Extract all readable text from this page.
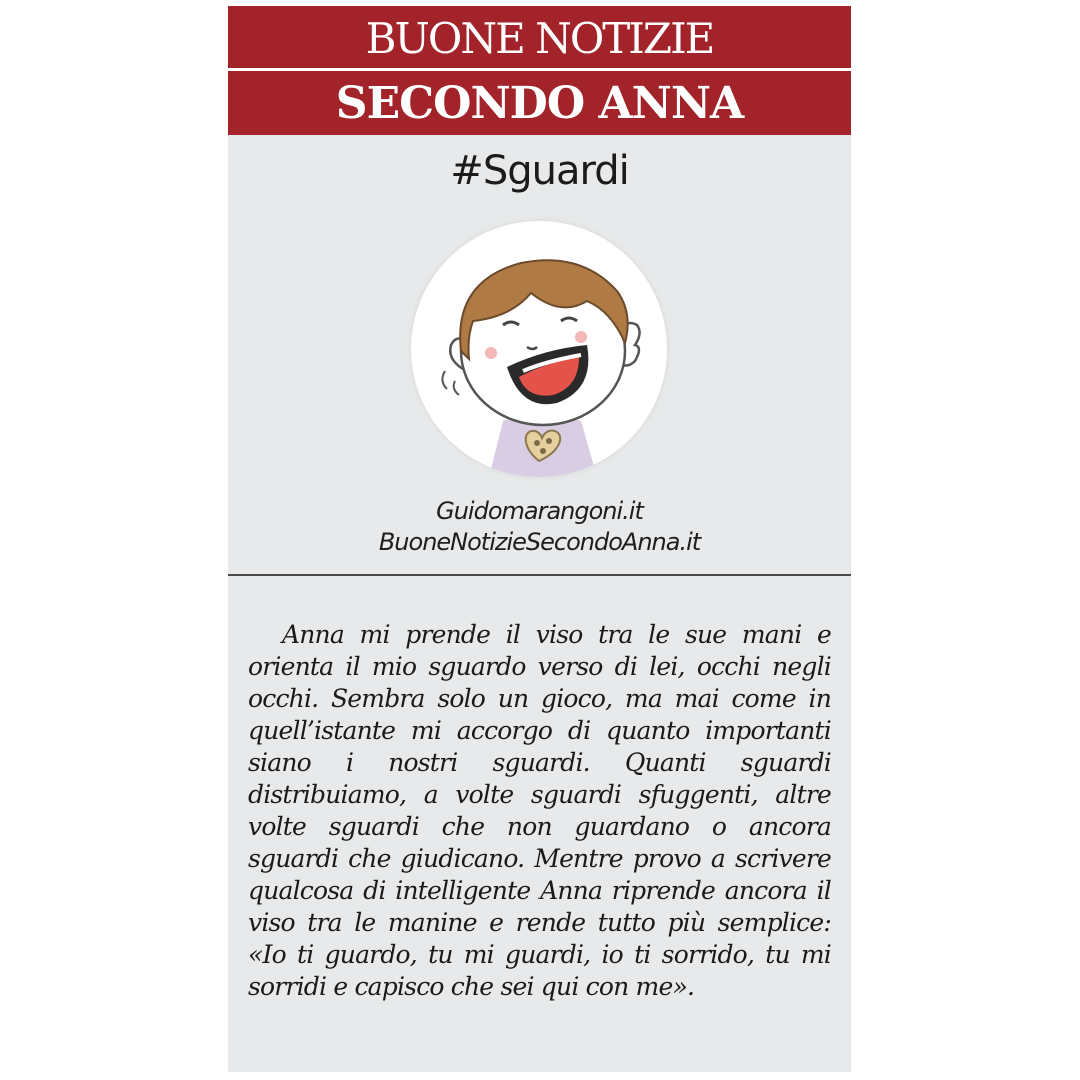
BUONE NOTIZIE
SECONDO ANNA
#Sguardi
Guidomarangoni.it
BuoneNotizieSecondoAnna.it

Anna mi prende il viso tra le sue mani e orienta il mio sguardo verso di lei, occhi negli occhi. Sembra solo un gioco, ma mai come in quell’istante mi accorgo di quanto importanti siano i nostri sguardi. Quanti sguardi distribuiamo, a volte sguardi sfuggenti, altre volte sguardi che non guardano o ancora sguardi che giudicano. Mentre provo a scrivere qualcosa di intelligente Anna riprende ancora il viso tra le manine e rende tutto più semplice: «Io ti guardo, tu mi guardi, io ti sorrido, tu mi sorridi e capisco che sei qui con me».
